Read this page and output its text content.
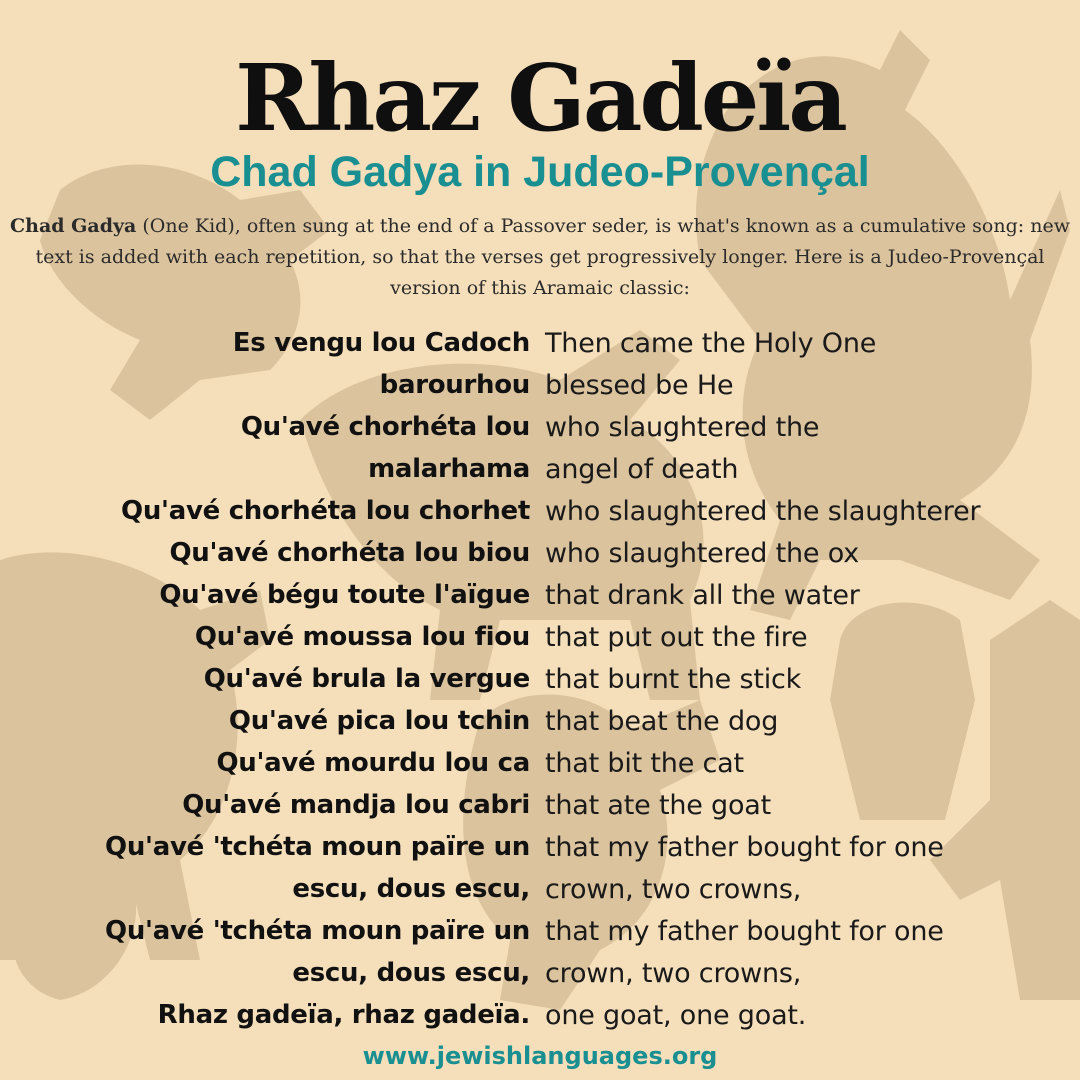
Rhaz Gadeïa
Chad Gadya in Judeo-Provençal

Chad Gadya (One Kid), often sung at the end of a Passover seder, is what's known as a cumulative song: new text is added with each repetition, so that the verses get progressively longer. Here is a Judeo-Provençal version of this Aramaic classic:

Es vengu lou Cadoch Then came the Holy One
barourhou blessed be He
Qu'avé chorhéta lou who slaughtered the
malarhama angel of death
Qu'avé chorhéta lou chorhet who slaughtered the slaughterer
Qu'avé chorhéta lou biou who slaughtered the ox
Qu'avé bégu toute l'aïgue that drank all the water
Qu'avé moussa lou fiou that put out the fire
Qu'avé brula la vergue that burnt the stick
Qu'avé pica lou tchin that beat the dog
Qu'avé mourdu lou ca that bit the cat
Qu'avé mandja lou cabri that ate the goat
Qu'avé 'tchéta moun païre un that my father bought for one
escu, dous escu, crown, two crowns,
Qu'avé 'tchéta moun païre un that my father bought for one
escu, dous escu, crown, two crowns,
Rhaz gadeïa, rhaz gadeïa. one goat, one goat.
www.jewishlanguages.org
